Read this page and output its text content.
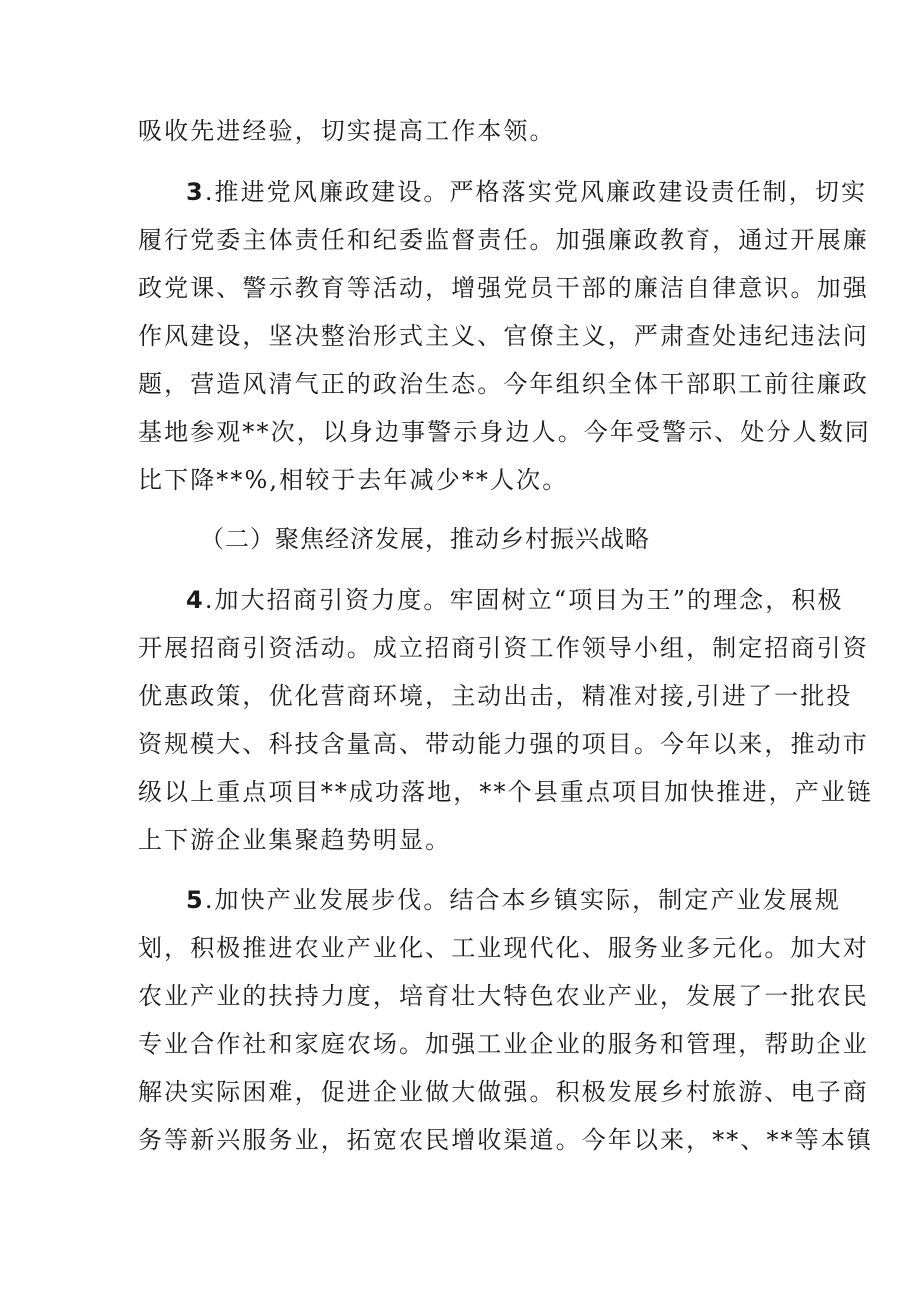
吸收先进经验，切实提高工作本领。
3.推进党风廉政建设。严格落实党风廉政建设责任制，切实
履行党委主体责任和纪委监督责任。加强廉政教育，通过开展廉
政党课、警示教育等活动，增强党员干部的廉洁自律意识。加强
作风建设，坚决整治形式主义、官僚主义，严肃查处违纪违法问
题，营造风清气正的政治生态。今年组织全体干部职工前往廉政
基地参观**次，以身边事警示身边人。今年受警示、处分人数同
比下降**%,相较于去年减少**人次。
（二）聚焦经济发展，推动乡村振兴战略
4.加大招商引资力度。牢固树立“项目为王”的理念，积极
开展招商引资活动。成立招商引资工作领导小组，制定招商引资
优惠政策，优化营商环境，主动出击，精准对接,引进了一批投
资规模大、科技含量高、带动能力强的项目。今年以来，推动市
级以上重点项目**成功落地，**个县重点项目加快推进，产业链
上下游企业集聚趋势明显。
5.加快产业发展步伐。结合本乡镇实际，制定产业发展规
划，积极推进农业产业化、工业现代化、服务业多元化。加大对
农业产业的扶持力度，培育壮大特色农业产业，发展了一批农民
专业合作社和家庭农场。加强工业企业的服务和管理，帮助企业
解决实际困难，促进企业做大做强。积极发展乡村旅游、电子商
务等新兴服务业，拓宽农民增收渠道。今年以来，**、**等本镇
